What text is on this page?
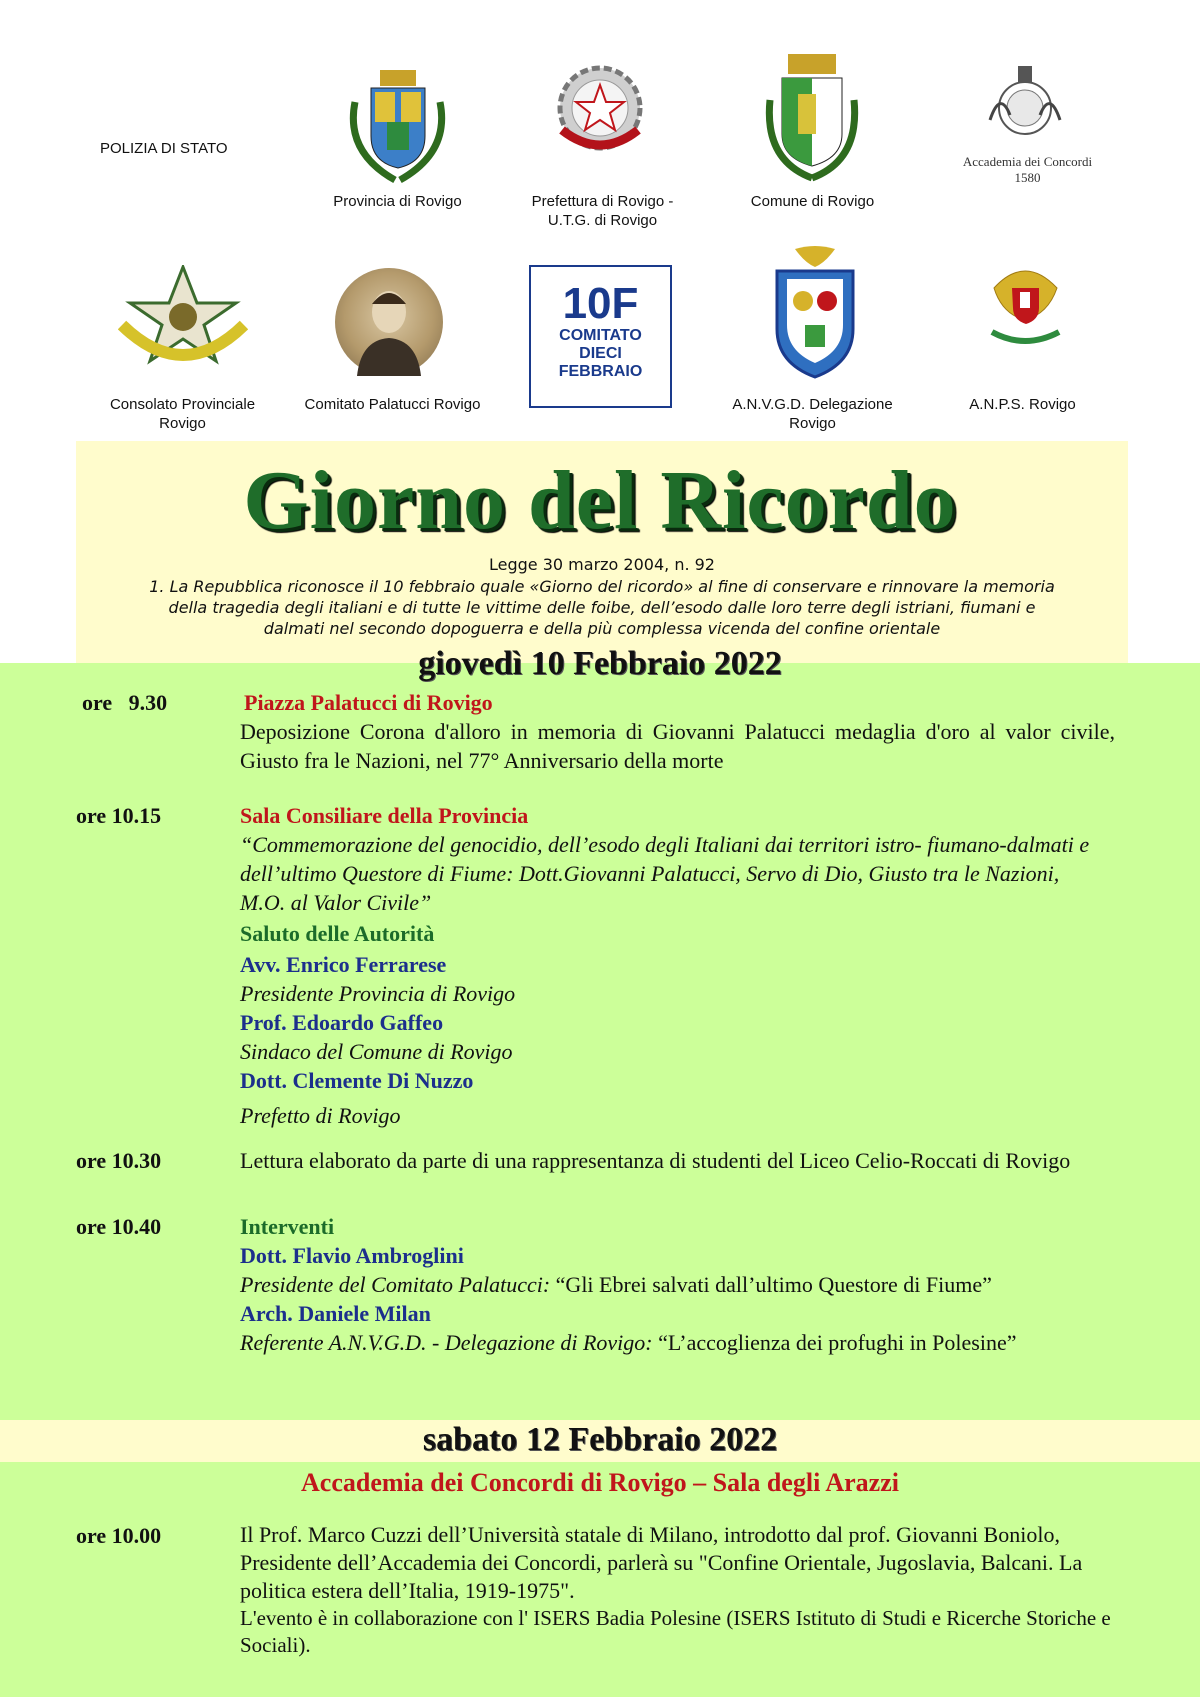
POLIZIA DI STATO
Provincia di Rovigo	Prefettura di Rovigo -
U.T.G. di Rovigo
Comune di Rovigo
Accademia dei Concordi
1580
Consolato Provinciale
Rovigo
Comitato Palatucci Rovigo
10F
COMITATO
DIECI
FEBBRAIO
A.N.V.G.D. Delegazione
Rovigo
A.N.P.S. Rovigo
Giorno del Ricordo
Legge 30 marzo 2004, n. 92
1. La Repubblica riconosce il 10 febbraio quale «Giorno del ricordo» al fine di conservare e rinnovare la memoria
della tragedia degli italiani e di tutte le vittime delle foibe, dell’esodo dalle loro terre degli istriani, fiumani e
dalmati nel secondo dopoguerra e della più complessa vicenda del confine orientale
giovedì 10 Febbraio 2022
ore   9.30	Piazza Palatucci di Rovigo
Deposizione Corona d'alloro in memoria di Giovanni Palatucci medaglia d'oro al valor civile, Giusto fra le Nazioni, nel 77° Anniversario della morte
ore 10.15	Sala Consiliare della Provincia
“Commemorazione del genocidio, dell’esodo degli Italiani dai territori istro- fiumano-dalmati e dell’ultimo Questore di Fiume: Dott.Giovanni Palatucci, Servo di Dio, Giusto tra le Nazioni, M.O. al Valor Civile”
Saluto delle Autorità
Avv. Enrico Ferrarese
Presidente Provincia di Rovigo
Prof. Edoardo Gaffeo
Sindaco del Comune di Rovigo
Dott. Clemente Di Nuzzo
Prefetto di Rovigo
ore 10.30	Lettura elaborato da parte di una rappresentanza di studenti del Liceo Celio-Roccati di Rovigo
ore 10.40	Interventi
Dott. Flavio Ambroglini
Presidente del Comitato Palatucci: “Gli Ebrei salvati dall’ultimo Questore di Fiume”
Arch. Daniele Milan
Referente A.N.V.G.D. - Delegazione di Rovigo: “L’accoglienza dei profughi in Polesine”
sabato 12 Febbraio 2022
Accademia dei Concordi di Rovigo – Sala degli Arazzi
ore 10.00	Il Prof. Marco Cuzzi dell’Università statale di Milano, introdotto dal prof. Giovanni Boniolo, Presidente dell’Accademia dei Concordi, parlerà su "Confine Orientale, Jugoslavia, Balcani. La politica estera dell’Italia, 1919-1975".
L'evento è in collaborazione con l' ISERS Badia Polesine (ISERS Istituto di Studi e Ricerche Storiche e Sociali).
